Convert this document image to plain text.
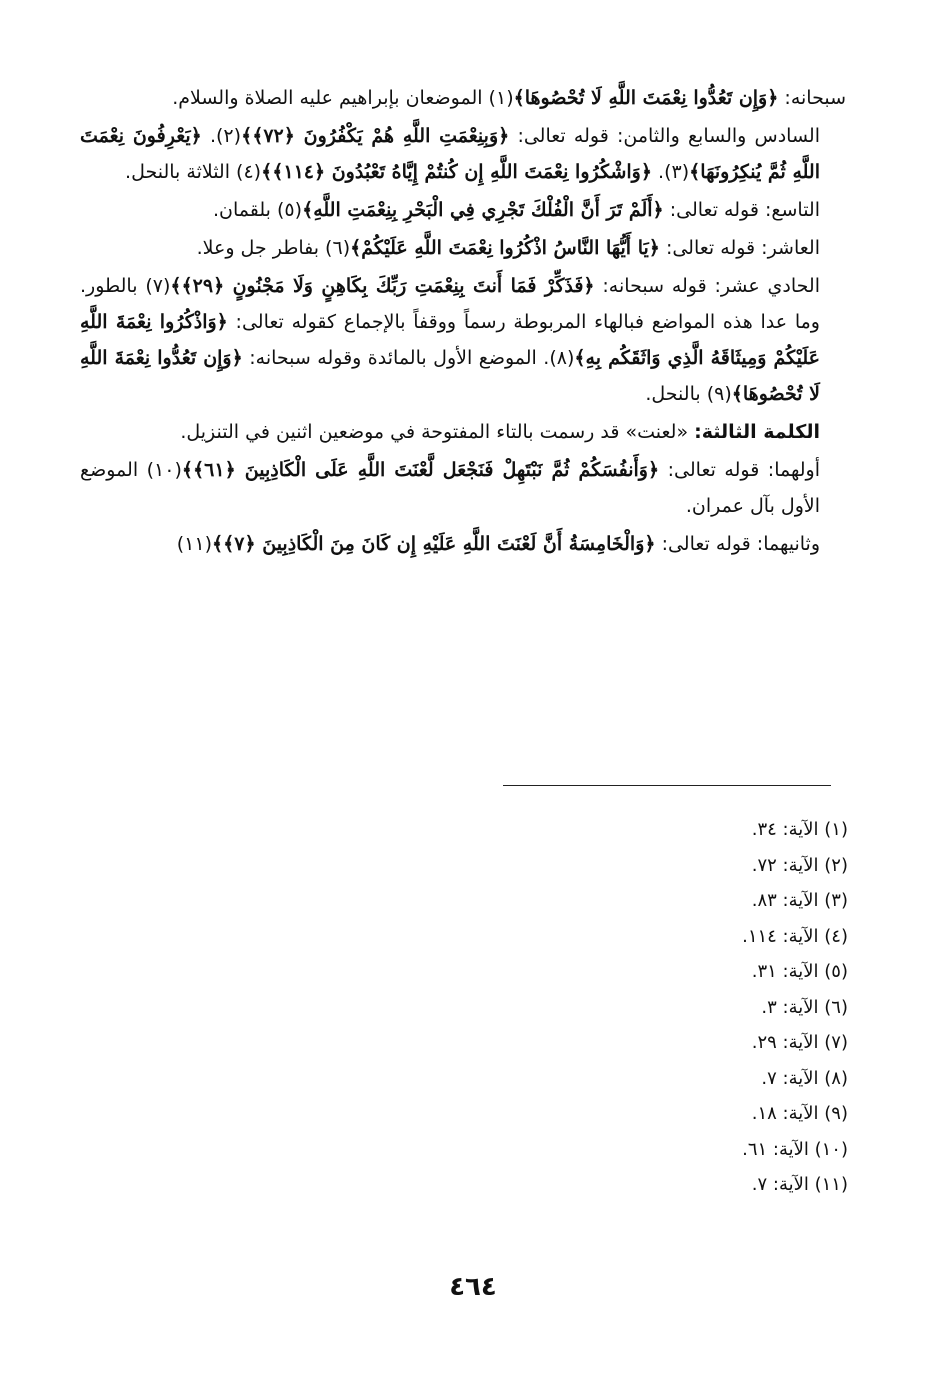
سبحانه: ﴿وَإِن تَعُدُّوا نِعْمَتَ اللَّهِ لَا تُحْصُوهَا﴾(١) الموضعان بإبراهيم عليه الصلاة والسلام.

السادس والسابع والثامن: قوله تعالى: ﴿وَبِنِعْمَتِ اللَّهِ هُمْ يَكْفُرُونَ ﴿٧٢﴾﴾(٢). ﴿يَعْرِفُونَ نِعْمَتَ اللَّهِ ثُمَّ يُنكِرُونَهَا﴾(٣). ﴿وَاشْكُرُوا نِعْمَتَ اللَّهِ إِن كُنتُمْ إِيَّاهُ تَعْبُدُونَ ﴿١١٤﴾﴾(٤) الثلاثة بالنحل.

التاسع: قوله تعالى: ﴿أَلَمْ تَرَ أَنَّ الْفُلْكَ تَجْرِي فِي الْبَحْرِ بِنِعْمَتِ اللَّهِ﴾(٥) بلقمان.

العاشر: قوله تعالى: ﴿يَا أَيُّهَا النَّاسُ اذْكُرُوا نِعْمَتَ اللَّهِ عَلَيْكُمْ﴾(٦) بفاطر جل وعلا.

الحادي عشر: قوله سبحانه: ﴿فَذَكِّرْ فَمَا أَنتَ بِنِعْمَتِ رَبِّكَ بِكَاهِنٍ وَلَا مَجْنُونٍ ﴿٢٩﴾﴾(٧) بالطور. وما عدا هذه المواضع فبالهاء المربوطة رسماً ووقفاً بالإجماع كقوله تعالى: ﴿وَاذْكُرُوا نِعْمَةَ اللَّهِ عَلَيْكُمْ وَمِيثَاقَهُ الَّذِي وَاثَقَكُم بِهِ﴾(٨). الموضع الأول بالمائدة وقوله سبحانه: ﴿وَإِن تَعُدُّوا نِعْمَةَ اللَّهِ لَا تُحْصُوهَا﴾(٩) بالنحل.

الكلمة الثالثة: «لعنت» قد رسمت بالتاء المفتوحة في موضعين اثنين في التنزيل.

أولهما: قوله تعالى: ﴿وَأَنفُسَكُمْ ثُمَّ نَبْتَهِلْ فَنَجْعَل لَّعْنَتَ اللَّهِ عَلَى الْكَاذِبِينَ ﴿٦١﴾﴾(١٠) الموضع الأول بآل عمران.

وثانيهما: قوله تعالى: ﴿وَالْخَامِسَةُ أَنَّ لَعْنَتَ اللَّهِ عَلَيْهِ إِن كَانَ مِنَ الْكَاذِبِينَ ﴿٧﴾﴾(١١)

(١) الآية: ٣٤.
(٢) الآية: ٧٢.
(٣) الآية: ٨٣.
(٤) الآية: ١١٤.
(٥) الآية: ٣١.
(٦) الآية: ٣.
(٧) الآية: ٢٩.
(٨) الآية: ٧.
(٩) الآية: ١٨.
(١٠) الآية: ٦١.
(١١) الآية: ٧.
٤٦٤
